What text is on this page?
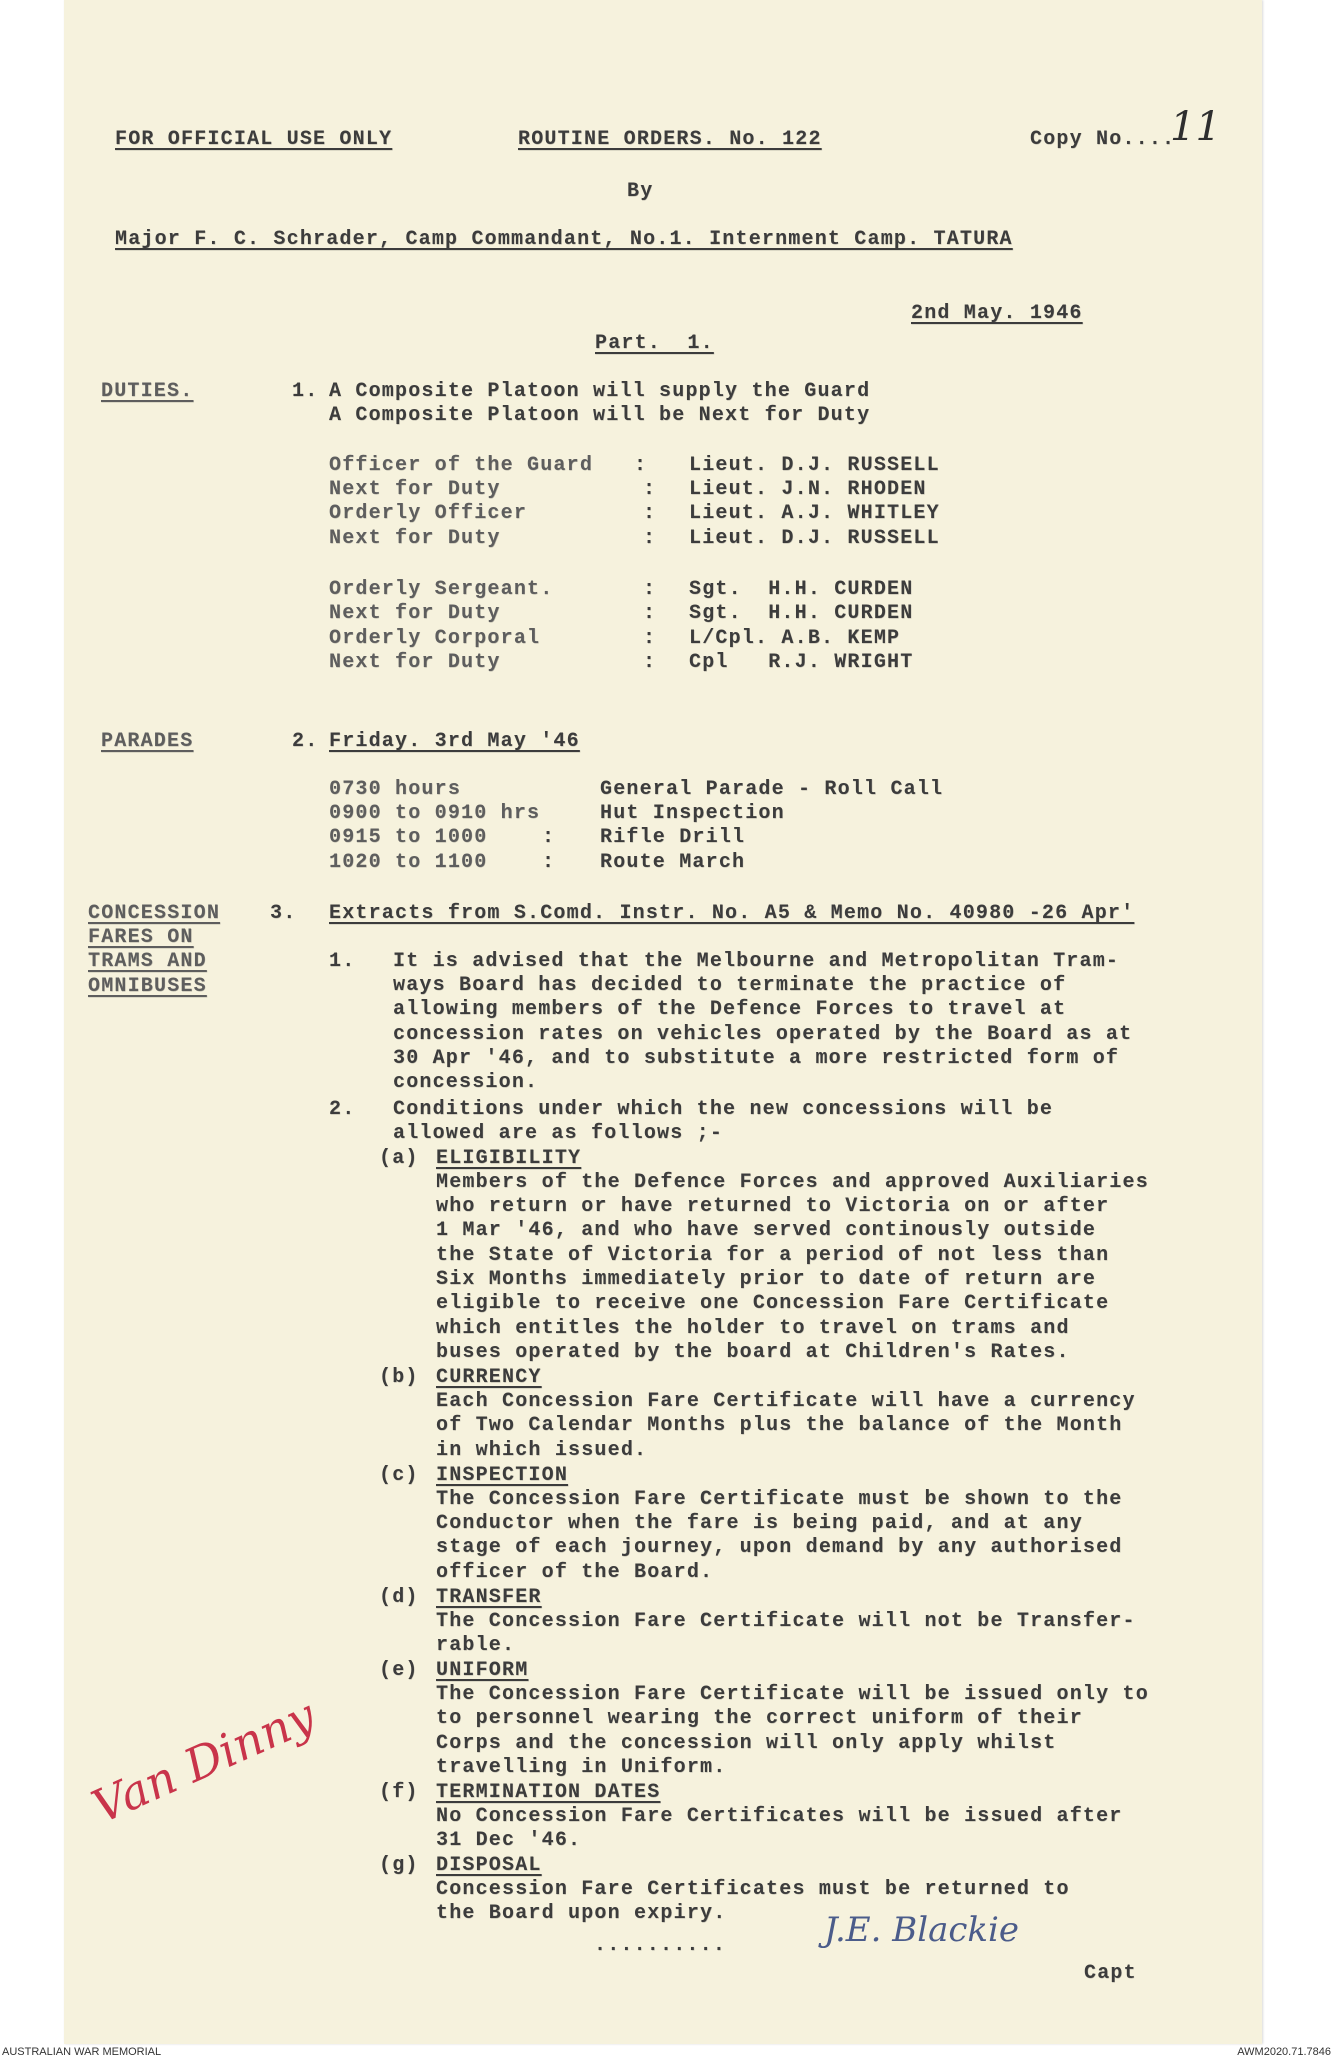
FOR OFFICIAL USE ONLY	ROUTINE ORDERS. No. 122	Copy No....
11
By
Major F. C. Schrader, Camp Commandant, No.1. Internment Camp. TATURA
2nd May. 1946
Part.  1.
DUTIES.	1. A Composite Platoon will supply the Guard
A Composite Platoon will be Next for Duty
Officer of the Guard : Lieut. D.J. RUSSELL
Next for Duty	: Lieut. J.N. RHODEN
Orderly Officer	: Lieut. A.J. WHITLEY
Next for Duty	: Lieut. D.J. RUSSELL
Orderly Sergeant.	: Sgt.  H.H. CURDEN
Next for Duty	: Sgt.  H.H. CURDEN
Orderly Corporal	: L/Cpl. A.B. KEMP
Next for Duty	: Cpl   R.J. WRIGHT
PARADES	2. Friday. 3rd May '46
0730 hours	General Parade - Roll Call
0900 to 0910 hrs	Hut Inspection
0915 to 1000	: Rifle Drill
1020 to 1100	: Route March
CONCESSION
FARES ON
TRAMS AND
OMNIBUSES
3. Extracts from S.Comd. Instr. No. A5 & Memo No. 40980 -26 Apr'
1. It is advised that the Melbourne and Metropolitan Tram-
ways Board has decided to terminate the practice of
allowing members of the Defence Forces to travel at
concession rates on vehicles operated by the Board as at
30 Apr '46, and to substitute a more restricted form of
concession.
2. Conditions under which the new concessions will be
allowed are as follows ;-
(a) ELIGIBILITY
Members of the Defence Forces and approved Auxiliaries
who return or have returned to Victoria on or after
1 Mar '46, and who have served continously outside
the State of Victoria for a period of not less than
Six Months immediately prior to date of return are
eligible to receive one Concession Fare Certificate
which entitles the holder to travel on trams and
buses operated by the board at Children's Rates.
(b) CURRENCY
Each Concession Fare Certificate will have a currency
of Two Calendar Months plus the balance of the Month
in which issued.
(c) INSPECTION
The Concession Fare Certificate must be shown to the
Conductor when the fare is being paid, and at any
stage of each journey, upon demand by any authorised
officer of the Board.
(d) TRANSFER
The Concession Fare Certificate will not be Transfer-
rable.
(e) UNIFORM
The Concession Fare Certificate will be issued only to
to personnel wearing the correct uniform of their
Corps and the concession will only apply whilst
travelling in Uniform.
(f) TERMINATION DATES
No Concession Fare Certificates will be issued after
31 Dec '46.
(g) DISPOSAL
Concession Fare Certificates must be returned to
the Board upon expiry.
..........	J.E. Blackie
Capt
Van Dinny
AUSTRALIAN WAR MEMORIAL	AWM2020.71.7846
